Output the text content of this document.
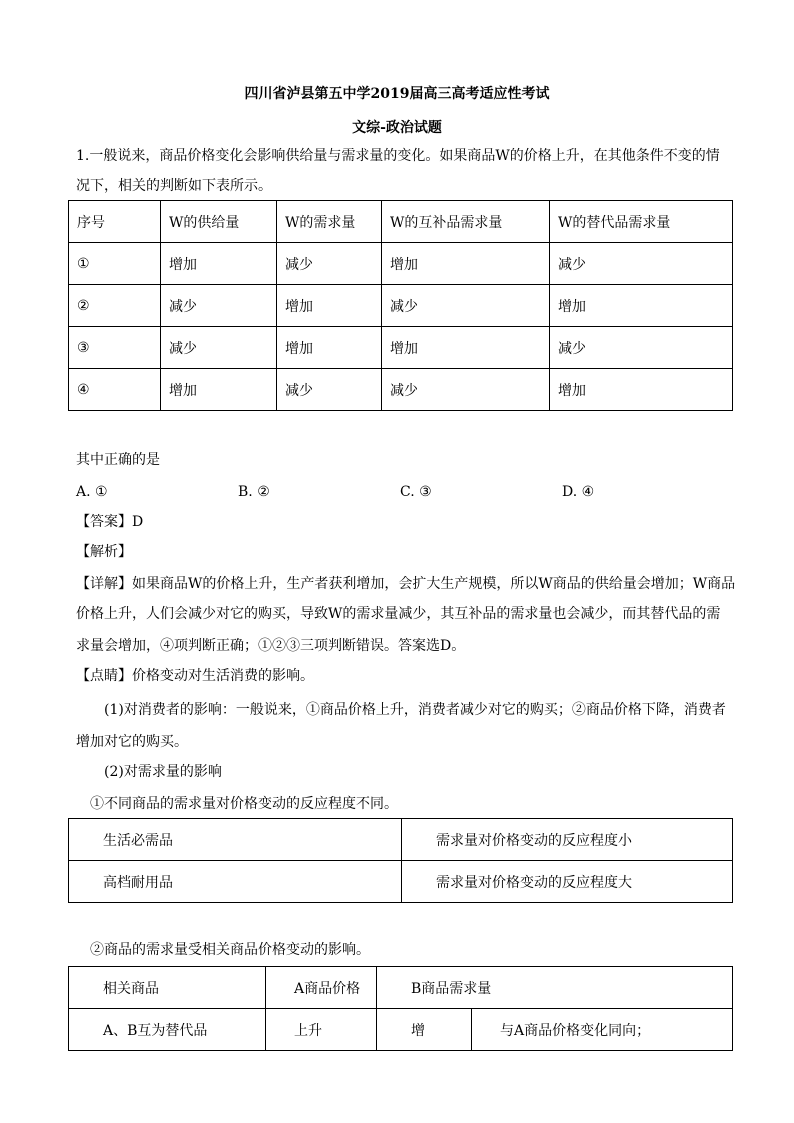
四川省泸县第五中学2019届高三高考适应性考试
文综-政治试题
1.一般说来，商品价格变化会影响供给量与需求量的变化。如果商品W的价格上升，在其他条件不变的情
况下，相关的判断如下表所示。
序号	W的供给量	W的需求量	W的互补品需求量	W的替代品需求量
①	增加	减少	增加	减少
②	减少	增加	减少	增加
③	减少	增加	增加	减少
④	增加	减少	减少	增加
其中正确的是
A. ①	B. ②	C. ③	D. ④
【答案】D
【解析】
【详解】如果商品W的价格上升，生产者获利增加，会扩大生产规模，所以W商品的供给量会增加；W商品
价格上升，人们会减少对它的购买，导致W的需求量减少，其互补品的需求量也会减少，而其替代品的需
求量会增加，④项判断正确；①②③三项判断错误。答案选D。
【点睛】价格变动对生活消费的影响。
(1)对消费者的影响：一般说来，①商品价格上升，消费者减少对它的购买；②商品价格下降，消费者
增加对它的购买。
(2)对需求量的影响
①不同商品的需求量对价格变动的反应程度不同。
生活必需品	需求量对价格变动的反应程度小
高档耐用品	需求量对价格变动的反应程度大
②商品的需求量受相关商品价格变动的影响。
相关商品	A商品价格	B商品需求量	
A、B互为替代品	上升	增	与A商品价格变化同向；
